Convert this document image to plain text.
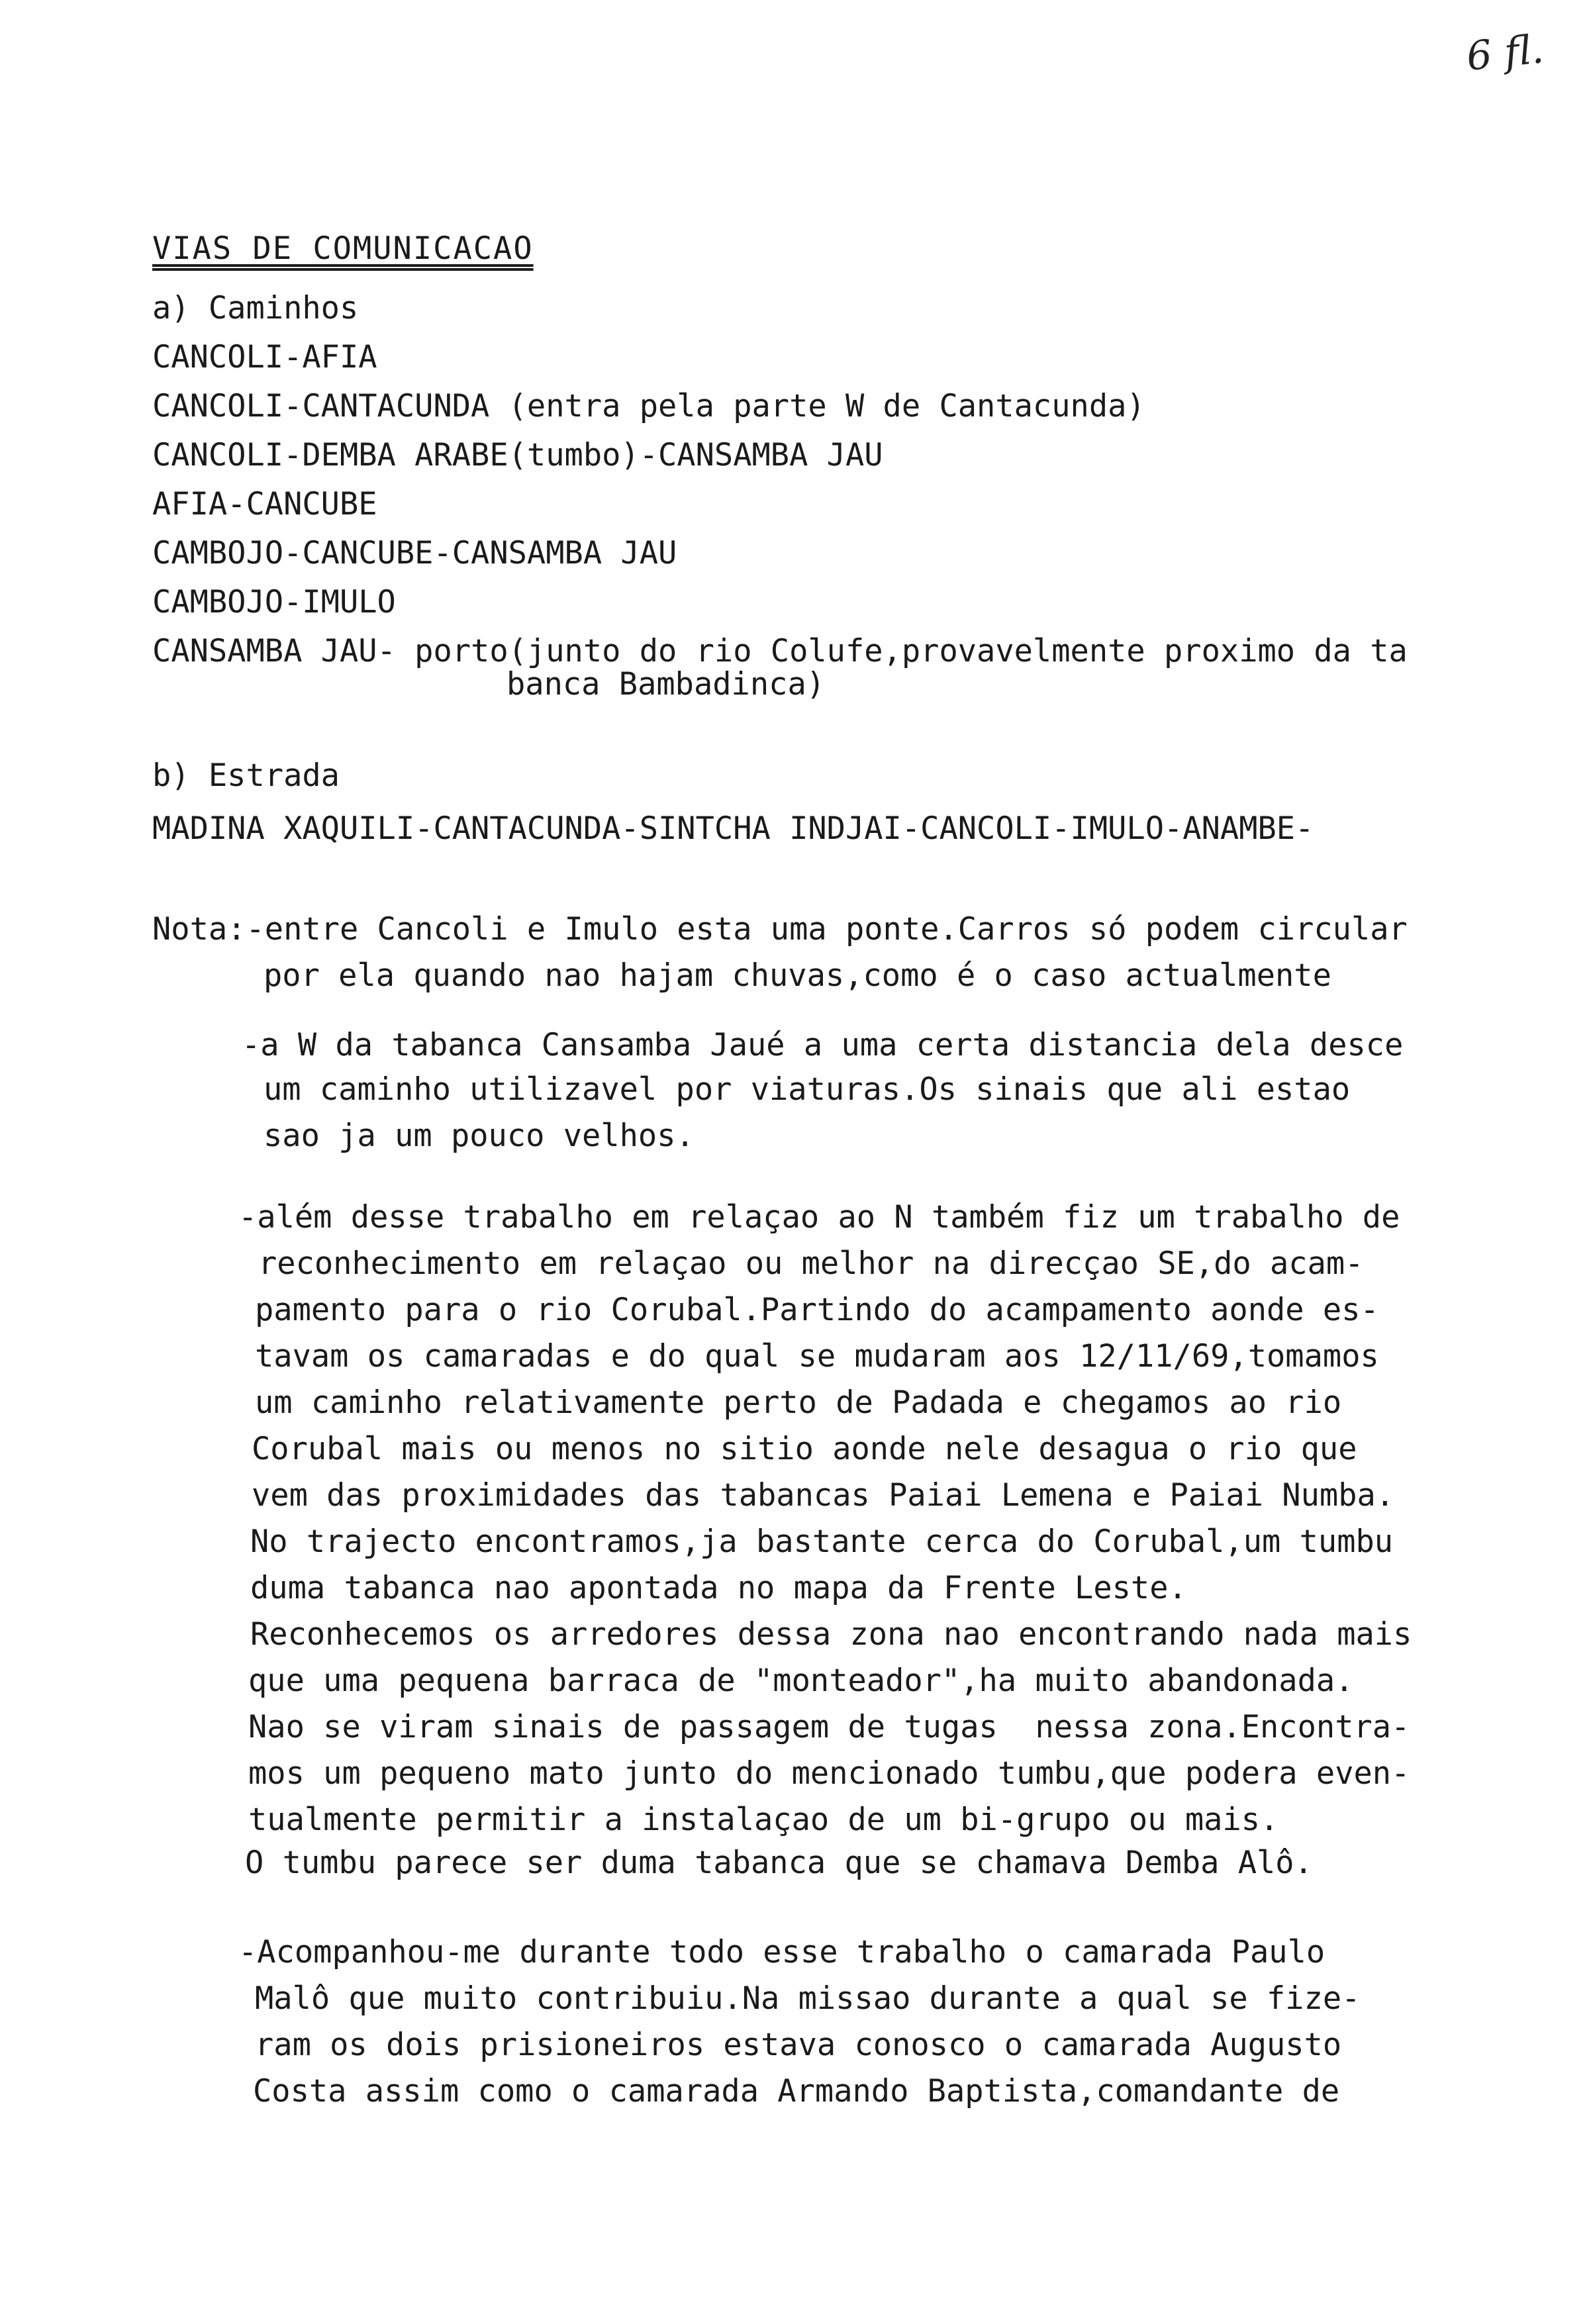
6 fl.
VIAS DE COMUNICACAO
a) Caminhos
CANCOLI-AFIA
CANCOLI-CANTACUNDA (entra pela parte W de Cantacunda)
CANCOLI-DEMBA ARABE(tumbo)-CANSAMBA JAU
AFIA-CANCUBE
CAMBOJO-CANCUBE-CANSAMBA JAU
CAMBOJO-IMULO
CANSAMBA JAU- porto(junto do rio Colufe,provavelmente proximo da ta
banca Bambadinca)
b) Estrada
MADINA XAQUILI-CANTACUNDA-SINTCHA INDJAI-CANCOLI-IMULO-ANAMBE-
Nota:-entre Cancoli e Imulo esta uma ponte.Carros só podem circular
por ela quando nao hajam chuvas,como é o caso actualmente
-a W da tabanca Cansamba Jaué a uma certa distancia dela desce
um caminho utilizavel por viaturas.Os sinais que ali estao
sao ja um pouco velhos.
-além desse trabalho em relaçao ao N também fiz um trabalho de
reconhecimento em relaçao ou melhor na direcçao SE,do acam-
pamento para o rio Corubal.Partindo do acampamento aonde es-
tavam os camaradas e do qual se mudaram aos 12/11/69,tomamos
um caminho relativamente perto de Padada e chegamos ao rio
Corubal mais ou menos no sitio aonde nele desagua o rio que
vem das proximidades das tabancas Paiai Lemena e Paiai Numba.
No trajecto encontramos,ja bastante cerca do Corubal,um tumbu
duma tabanca nao apontada no mapa da Frente Leste.
Reconhecemos os arredores dessa zona nao encontrando nada mais
que uma pequena barraca de "monteador",ha muito abandonada.
Nao se viram sinais de passagem de tugas  nessa zona.Encontra-
mos um pequeno mato junto do mencionado tumbu,que podera even-
tualmente permitir a instalaçao de um bi-grupo ou mais.
O tumbu parece ser duma tabanca que se chamava Demba Alô.
-Acompanhou-me durante todo esse trabalho o camarada Paulo
Malô que muito contribuiu.Na missao durante a qual se fize-
ram os dois prisioneiros estava conosco o camarada Augusto
Costa assim como o camarada Armando Baptista,comandante de
